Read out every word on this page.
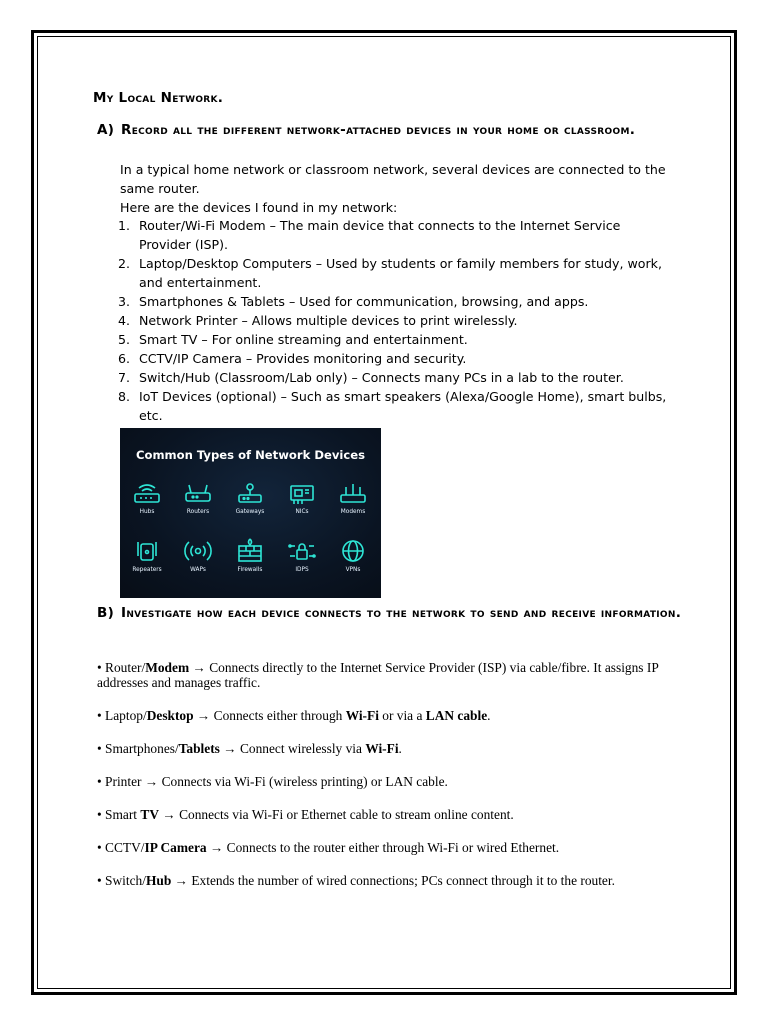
My Local Network.
A) Record all the different network-attached devices in your home or classroom.

In a typical home network or classroom network, several devices are connected to the same router.

Here are the devices I found in my network:

1. Router/Wi-Fi Modem – The main device that connects to the Internet Service Provider (ISP).
2. Laptop/Desktop Computers – Used by students or family members for study, work, and entertainment.
3. Smartphones & Tablets – Used for communication, browsing, and apps.
4. Network Printer – Allows multiple devices to print wirelessly.
5. Smart TV – For online streaming and entertainment.
6. CCTV/IP Camera – Provides monitoring and security.
7. Switch/Hub (Classroom/Lab only) – Connects many PCs in a lab to the router.
8. IoT Devices (optional) – Such as smart speakers (Alexa/Google Home), smart bulbs, etc.
Common Types of Network Devices
Hubs	Routers	Gateways	NICs	Modems
Repeaters	WAPs	Firewalls	IDPS	VPNs
B) Investigate how each device connects to the network to send and receive information.

• Router/Modem → Connects directly to the Internet Service Provider (ISP) via cable/fibre. It assigns IP addresses and manages traffic.

• Laptop/Desktop → Connects either through Wi-Fi or via a LAN cable.

• Smartphones/Tablets → Connect wirelessly via Wi-Fi.

• Printer → Connects via Wi-Fi (wireless printing) or LAN cable.

• Smart TV → Connects via Wi-Fi or Ethernet cable to stream online content.

• CCTV/IP Camera → Connects to the router either through Wi-Fi or wired Ethernet.

• Switch/Hub → Extends the number of wired connections; PCs connect through it to the router.
